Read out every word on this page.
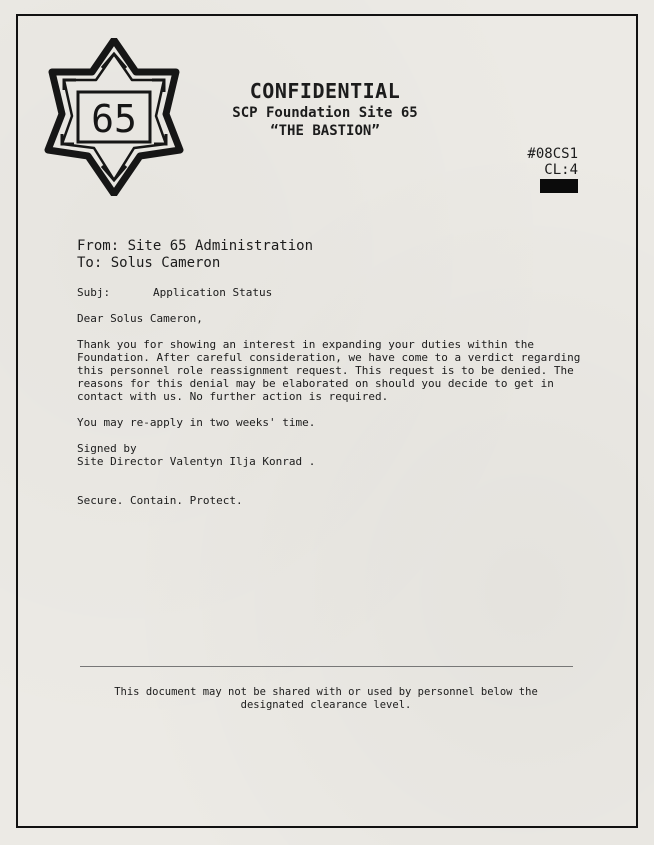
65
CONFIDENTIAL
SCP Foundation Site 65
“THE BASTION”
#08CS1
CL:4
From: Site 65 Administration
To: Solus Cameron
Subj:	Application Status
Dear Solus Cameron,
Thank you for showing an interest in expanding your duties within the Foundation. After careful consideration, we have come to a verdict regarding this personnel role reassignment request. This request is to be denied. The reasons for this denial may be elaborated on should you decide to get in contact with us. No further action is required.
You may re-apply in two weeks' time.
Signed by
Site Director Valentyn Ilja Konrad .
Secure. Contain. Protect.
This document may not be shared with or used by personnel below the designated clearance level.
